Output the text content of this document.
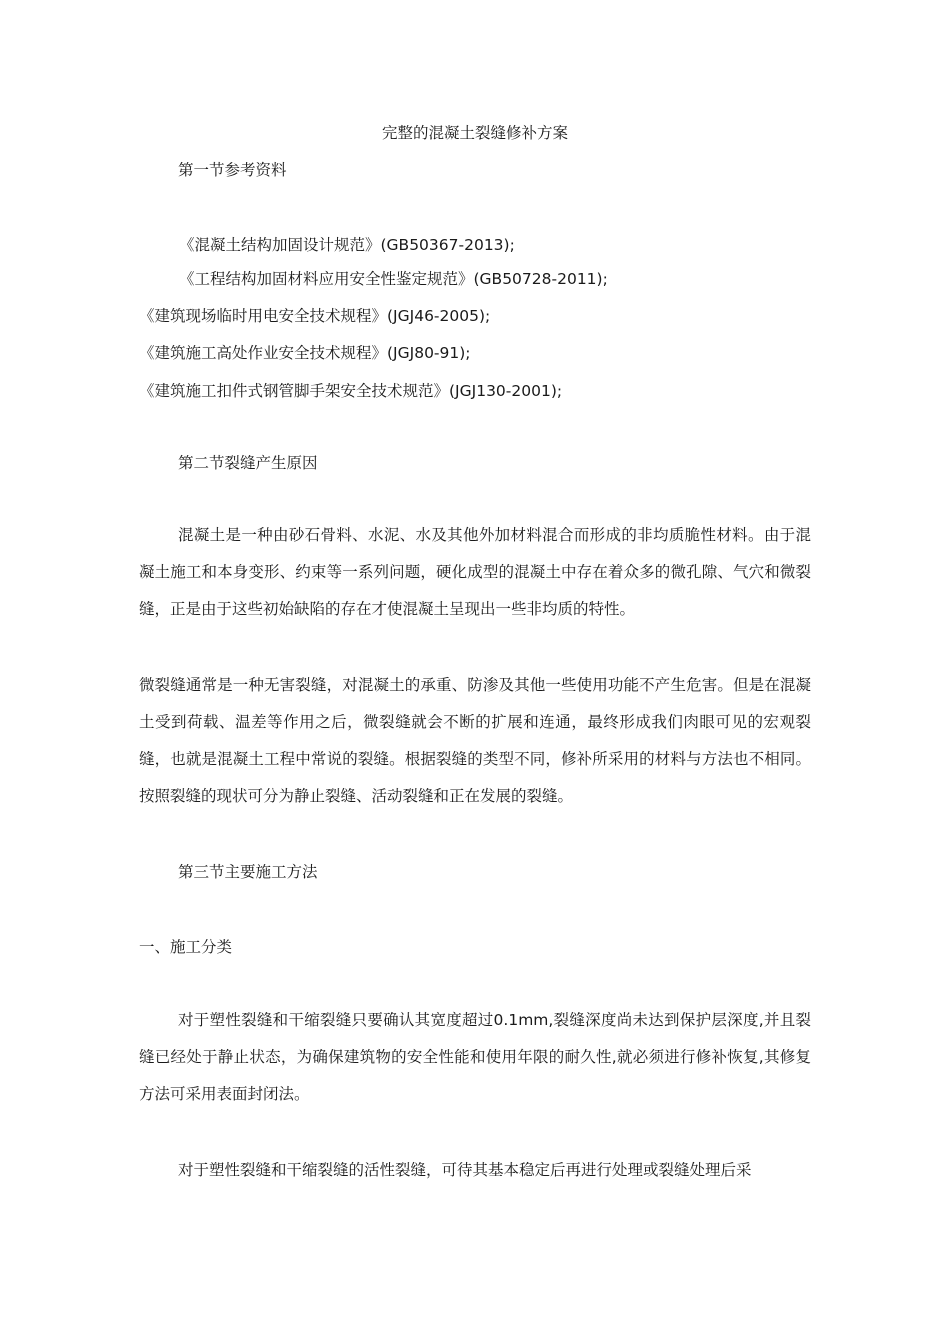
完整的混凝土裂缝修补方案
第一节参考资料
《混凝土结构加固设计规范》(GB50367-2013);
《工程结构加固材料应用安全性鉴定规范》(GB50728-2011);
《建筑现场临时用电安全技术规程》(JGJ46-2005);
《建筑施工高处作业安全技术规程》(JGJ80-91);
《建筑施工扣件式钢管脚手架安全技术规范》(JGJ130-2001);
第二节裂缝产生原因
混凝土是一种由砂石骨料、水泥、水及其他外加材料混合而形成的非均质脆性材料。由于混凝土施工和本身变形、约束等一系列问题，硬化成型的混凝土中存在着众多的微孔隙、气穴和微裂缝，正是由于这些初始缺陷的存在才使混凝土呈现出一些非均质的特性。
微裂缝通常是一种无害裂缝，对混凝土的承重、防渗及其他一些使用功能不产生危害。但是在混凝土受到荷载、温差等作用之后，微裂缝就会不断的扩展和连通，最终形成我们肉眼可见的宏观裂缝，也就是混凝土工程中常说的裂缝。根据裂缝的类型不同，修补所采用的材料与方法也不相同。按照裂缝的现状可分为静止裂缝、活动裂缝和正在发展的裂缝。
第三节主要施工方法
一、施工分类
对于塑性裂缝和干缩裂缝只要确认其宽度超过0.1mm,裂缝深度尚未达到保护层深度,并且裂缝已经处于静止状态，为确保建筑物的安全性能和使用年限的耐久性,就必须进行修补恢复,其修复方法可采用表面封闭法。
对于塑性裂缝和干缩裂缝的活性裂缝，可待其基本稳定后再进行处理或裂缝处理后采
